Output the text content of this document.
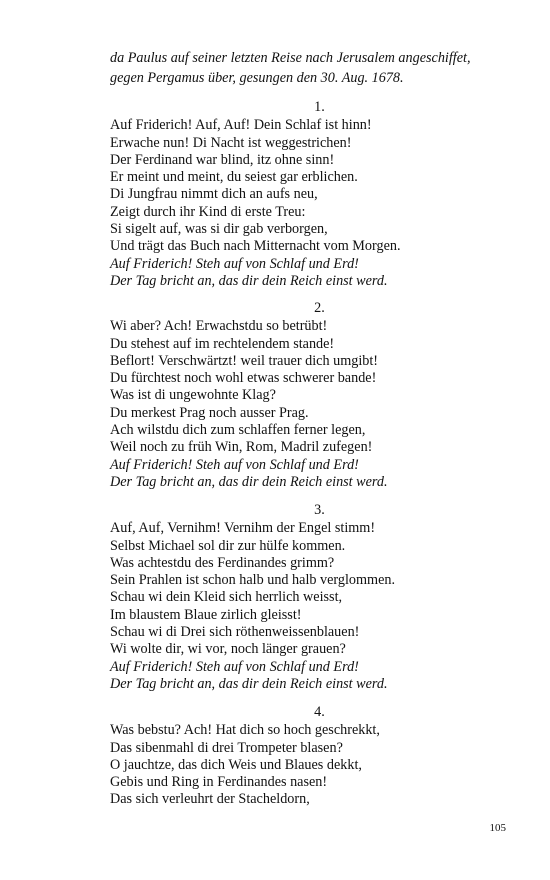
da Paulus auf seiner letzten Reise nach Jerusalem angeschiffet,
gegen Pergamus über, gesungen den 30. Aug. 1678.
1.
Auf Friderich! Auf, Auf! Dein Schlaf ist hinn!
Erwache nun! Di Nacht ist weggestrichen!
Der Ferdinand war blind, itz ohne sinn!
Er meint und meint, du seiest gar erblichen.
Di Jungfrau nimmt dich an aufs neu,
Zeigt durch ihr Kind di erste Treu:
Si sigelt auf, was si dir gab verborgen,
Und trägt das Buch nach Mitternacht vom Morgen.
Auf Friderich! Steh auf von Schlaf und Erd!
Der Tag bricht an, das dir dein Reich einst werd.
2.
Wi aber? Ach! Erwachstdu so betrübt!
Du stehest auf im rechtelendem stande!
Beflort! Verschwärtzt! weil trauer dich umgibt!
Du fürchtest noch wohl etwas schwerer bande!
Was ist di ungewohnte Klag?
Du merkest Prag noch ausser Prag.
Ach wilstdu dich zum schlaffen ferner legen,
Weil noch zu früh Win, Rom, Madril zufegen!
Auf Friderich! Steh auf von Schlaf und Erd!
Der Tag bricht an, das dir dein Reich einst werd.
3.
Auf, Auf, Vernihm! Vernihm der Engel stimm!
Selbst Michael sol dir zur hülfe kommen.
Was achtestdu des Ferdinandes grimm?
Sein Prahlen ist schon halb und halb verglommen.
Schau wi dein Kleid sich herrlich weisst,
Im blaustem Blaue zirlich gleisst!
Schau wi di Drei sich röthenweissenblauen!
Wi wolte dir, wi vor, noch länger grauen?
Auf Friderich! Steh auf von Schlaf und Erd!
Der Tag bricht an, das dir dein Reich einst werd.
4.
Was bebstu? Ach! Hat dich so hoch geschrekkt,
Das sibenmahl di drei Trompeter blasen?
O jauchtze, das dich Weis und Blaues dekkt,
Gebis und Ring in Ferdinandes nasen!
Das sich verleuhrt der Stacheldorn,
105
